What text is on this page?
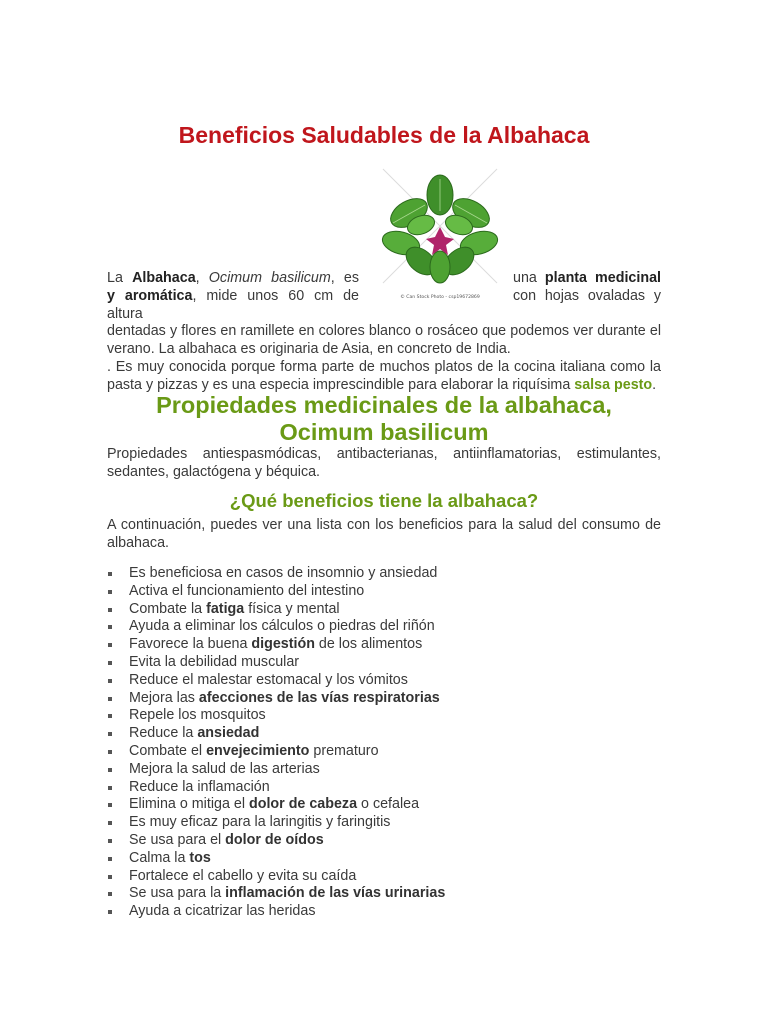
Beneficios Saludables de la Albahaca
© Can Stock Photo - csp19672869
La Albahaca, Ocimum basilicum, es	una planta medicinal
y aromática, mide unos 60 cm de altura
con hojas ovaladas y
dentadas y flores en ramillete en colores blanco o rosáceo que podemos ver durante el
verano. La albahaca es originaria de Asia, en concreto de India.
. Es muy conocida porque forma parte de muchos platos de la cocina italiana como la
pasta y pizzas y es una especia imprescindible para elaborar la riquísima salsa pesto.
Propiedades medicinales de la albahaca, Ocimum basilicum

Propiedades antiespasmódicas, antibacterianas, antiinflamatorias, estimulantes, sedantes, galactógena y béquica.

¿Qué beneficios tiene la albahaca?

A continuación, puedes ver una lista con los beneficios para la salud del consumo de albahaca.

Es beneficiosa en casos de insomnio y ansiedad
Activa el funcionamiento del intestino
Combate la fatiga física y mental
Ayuda a eliminar los cálculos o piedras del riñón
Favorece la buena digestión de los alimentos
Evita la debilidad muscular
Reduce el malestar estomacal y los vómitos
Mejora las afecciones de las vías respiratorias
Repele los mosquitos
Reduce la ansiedad
Combate el envejecimiento prematuro
Mejora la salud de las arterias
Reduce la inflamación
Elimina o mitiga el dolor de cabeza o cefalea
Es muy eficaz para la laringitis y faringitis
Se usa para el dolor de oídos
Calma la tos
Fortalece el cabello y evita su caída
Se usa para la inflamación de las vías urinarias
Ayuda a cicatrizar las heridas
